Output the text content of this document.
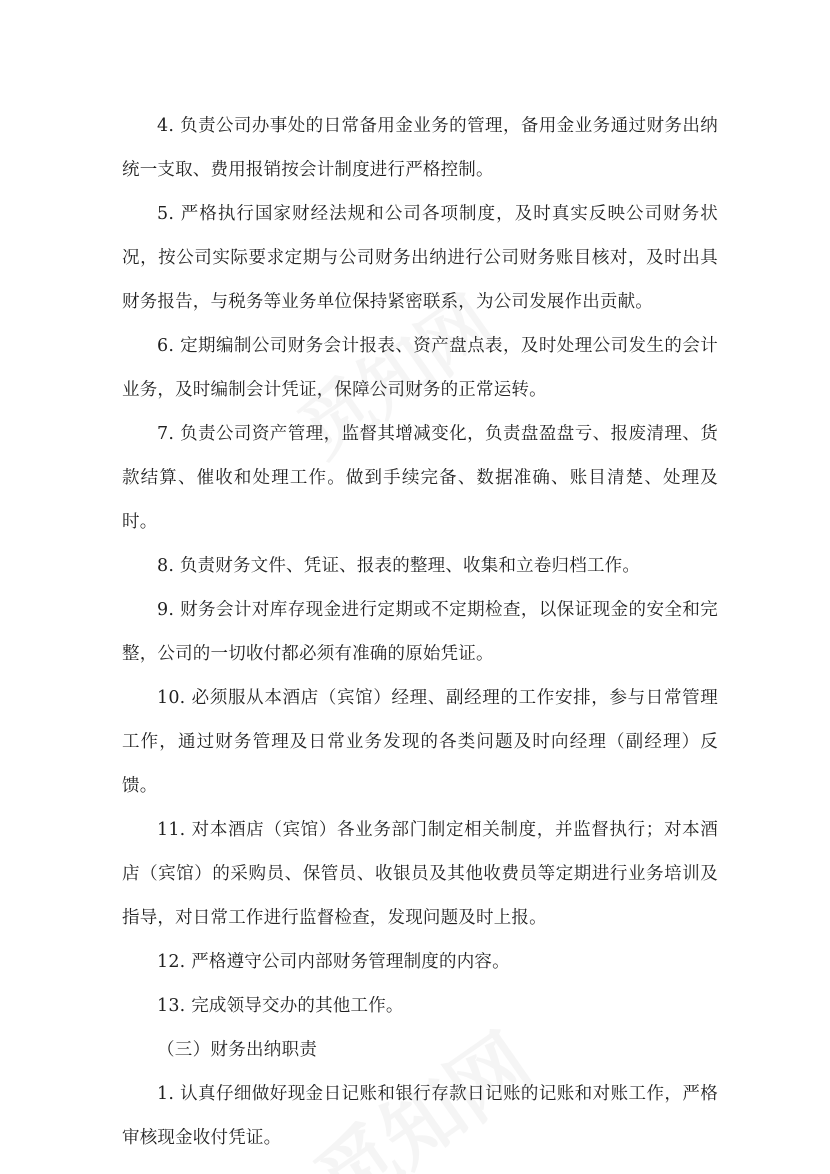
4. 负责公司办事处的日常备用金业务的管理，备用金业务通过财务出纳统一支取、费用报销按会计制度进行严格控制。

5. 严格执行国家财经法规和公司各项制度，及时真实反映公司财务状况，按公司实际要求定期与公司财务出纳进行公司财务账目核对，及时出具财务报告，与税务等业务单位保持紧密联系，为公司发展作出贡献。

6. 定期编制公司财务会计报表、资产盘点表，及时处理公司发生的会计业务，及时编制会计凭证，保障公司财务的正常运转。

7. 负责公司资产管理，监督其增减变化，负责盘盈盘亏、报废清理、货款结算、催收和处理工作。做到手续完备、数据准确、账目清楚、处理及时。

8. 负责财务文件、凭证、报表的整理、收集和立卷归档工作。

9. 财务会计对库存现金进行定期或不定期检查，以保证现金的安全和完整，公司的一切收付都必须有准确的原始凭证。

10. 必须服从本酒店（宾馆）经理、副经理的工作安排，参与日常管理工作，通过财务管理及日常业务发现的各类问题及时向经理（副经理）反馈。

11. 对本酒店（宾馆）各业务部门制定相关制度，并监督执行；对本酒店（宾馆）的采购员、保管员、收银员及其他收费员等定期进行业务培训及指导，对日常工作进行监督检查，发现问题及时上报。

12. 严格遵守公司内部财务管理制度的内容。

13. 完成领导交办的其他工作。

（三）财务出纳职责

1. 认真仔细做好现金日记账和银行存款日记账的记账和对账工作，严格审核现金收付凭证。
